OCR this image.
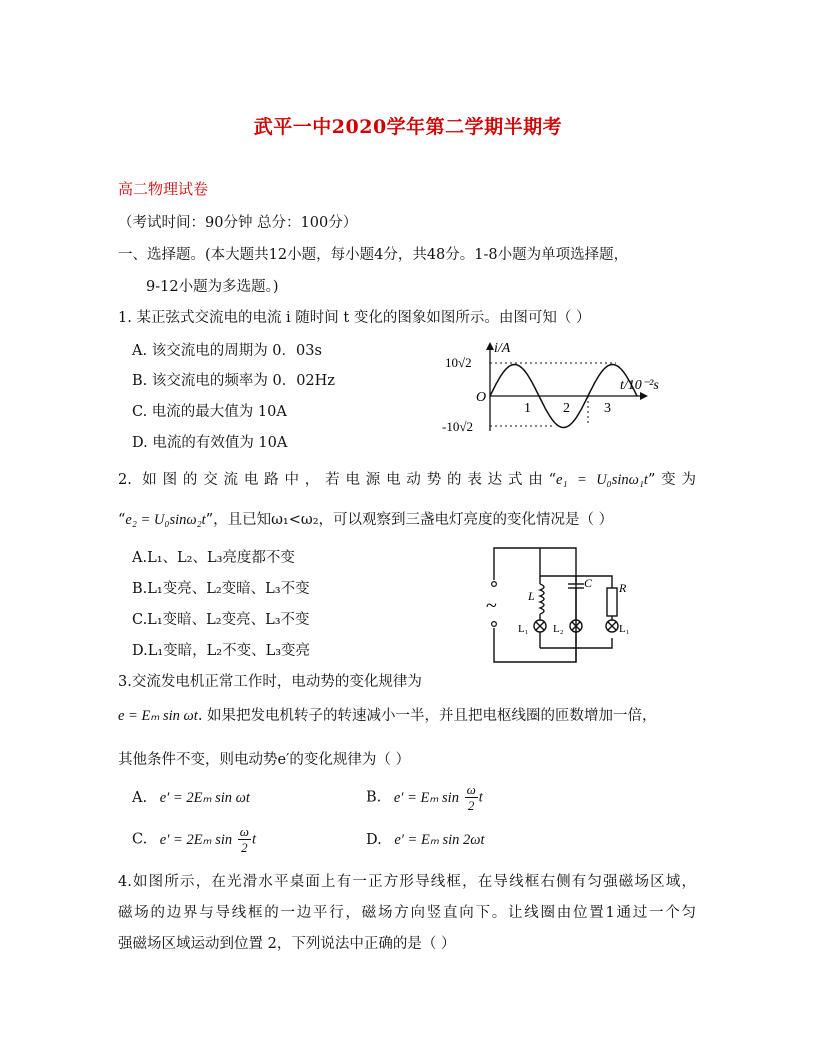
武平一中2020学年第二学期半期考
高二物理试卷
（考试时间：90分钟 总分：100分）
一、选择题。(本大题共12小题，每小题4分，共48分。1-8小题为单项选择题，
9-12小题为多选题。)
1. 某正弦式交流电的电流 i 随时间 t 变化的图象如图所示。由图可知（ ）
A. 该交流电的周期为 0．03s
B. 该交流电的频率为 0．02Hz
C. 电流的最大值为 10A
D. 电流的有效值为 10A
i/A
t/10⁻²s
10√2
-10√2
O
1 2 3
2. 如图的交流电路中，若电源电动势的表达式由“e₁ = U₀sinω₁t”变为
“e₂ = U₀sinω₂t”，且已知ω₁<ω₂，可以观察到三盏电灯亮度的变化情况是（ ）
A.L₁、L₂、L₃亮度都不变
B.L₁变亮、L₂变暗、L₃不变
C.L₁变暗、L₂变亮、L₃不变
D.L₁变暗，L₂不变、L₃变亮
~	L
C R
L₁ L₂	L₁
3.交流发电机正常工作时，电动势的变化规律为
e = Eₘ sin ωt. 如果把发电机转子的转速减小一半，并且把电枢线圈的匝数增加一倍，
其他条件不变，则电动势e′的变化规律为（ ）
A. e′ = 2Eₘ sin ωt	B. e′ = Eₘ $\sin \frac{\omega}{2}$ t
C. e′ = 2Eₘ $\sin \frac{\omega}{2}$ t	D. e′ = Eₘ sin 2ωt
4.如图所示，在光滑水平桌面上有一正方形导线框，在导线框右侧有匀强磁场区域，
磁场的边界与导线框的一边平行，磁场方向竖直向下。让线圈由位置1通过一个匀
强磁场区域运动到位置 2，下列说法中正确的是（ ）
